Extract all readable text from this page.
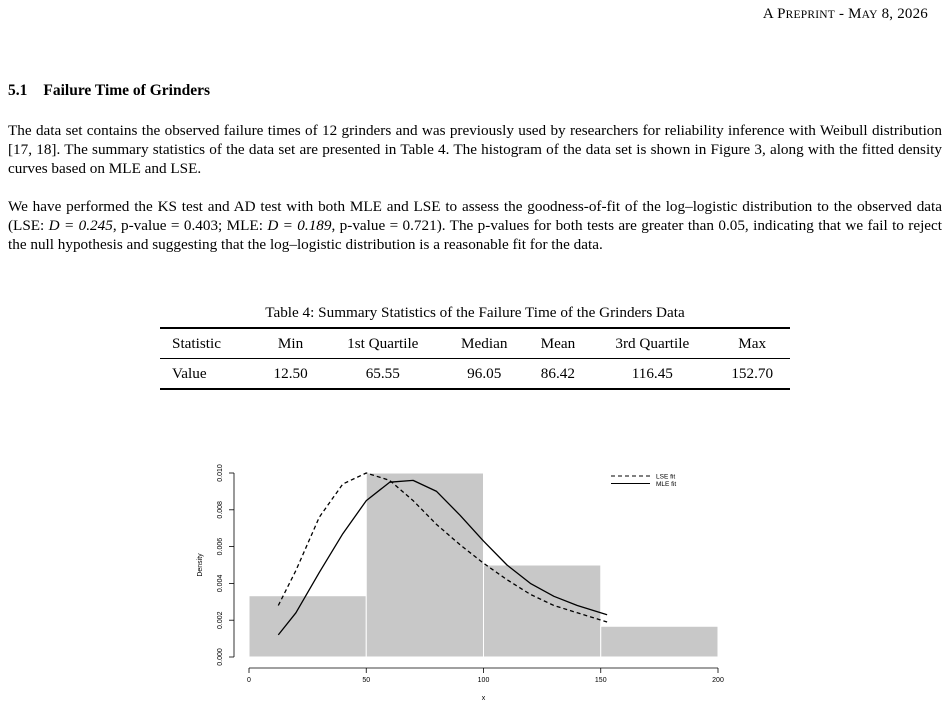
A PREPRINT - MAY 8, 2026
5.1 Failure Time of Grinders

The data set contains the observed failure times of 12 grinders and was previously used by researchers for reliability inference with Weibull distribution [17, 18]. The summary statistics of the data set are presented in Table 4. The histogram of the data set is shown in Figure 3, along with the fitted density curves based on MLE and LSE.

We have performed the KS test and AD test with both MLE and LSE to assess the goodness-of-fit of the log–logistic distribution to the observed data (LSE: D = 0.245, p-value = 0.403; MLE: D = 0.189, p-value = 0.721). The p-values for both tests are greater than 0.05, indicating that we fail to reject the null hypothesis and suggesting that the log–logistic distribution is a reasonable fit for the data.

Table 4: Summary Statistics of the Failure Time of the Grinders Data
Statistic	Min	1st Quartile	Median	Mean	3rd Quartile	Max
Value	12.50	65.55	96.05	86.42	116.45	152.70
0	50	100	150	200
x
0.000
0.002
0.004
0.006
0.008
0.010
Density
LSE fit
MLE fit
